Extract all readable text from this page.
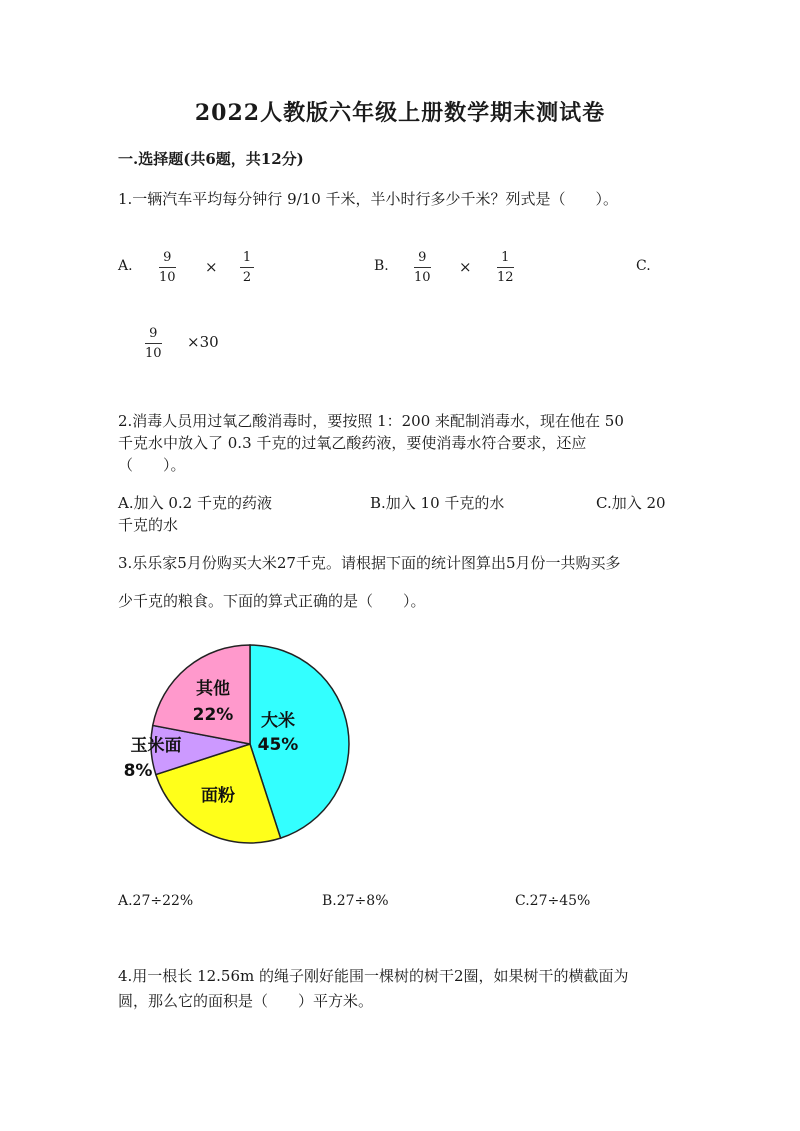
2022人教版六年级上册数学期末测试卷
一.选择题(共6题，共12分)
1.一辆汽车平均每分钟行 9/10 千米，半小时行多少千米？列式是（　　）。
A.
9
10
×
1
2
B.
9
10
×
1
12
C.
9
10
×30
2.消毒人员用过氧乙酸消毒时，要按照 1：200 来配制消毒水，现在他在 50
千克水中放入了 0.3 千克的过氧乙酸药液，要使消毒水符合要求，还应
（　　）。
A.加入 0.2 千克的药液	B.加入 10 千克的水	C.加入 20
千克的水
3.乐乐家5月份购买大米27千克。请根据下面的统计图算出5月份一共购买多
少千克的粮食。下面的算式正确的是（　　）。
大米
45%
面粉
玉米面
8%
其他
22%
A.27÷22%	B.27÷8%	C.27÷45%
4.用一根长 12.56m 的绳子刚好能围一棵树的树干2圈，如果树干的横截面为
圆，那么它的面积是（　　）平方米。
